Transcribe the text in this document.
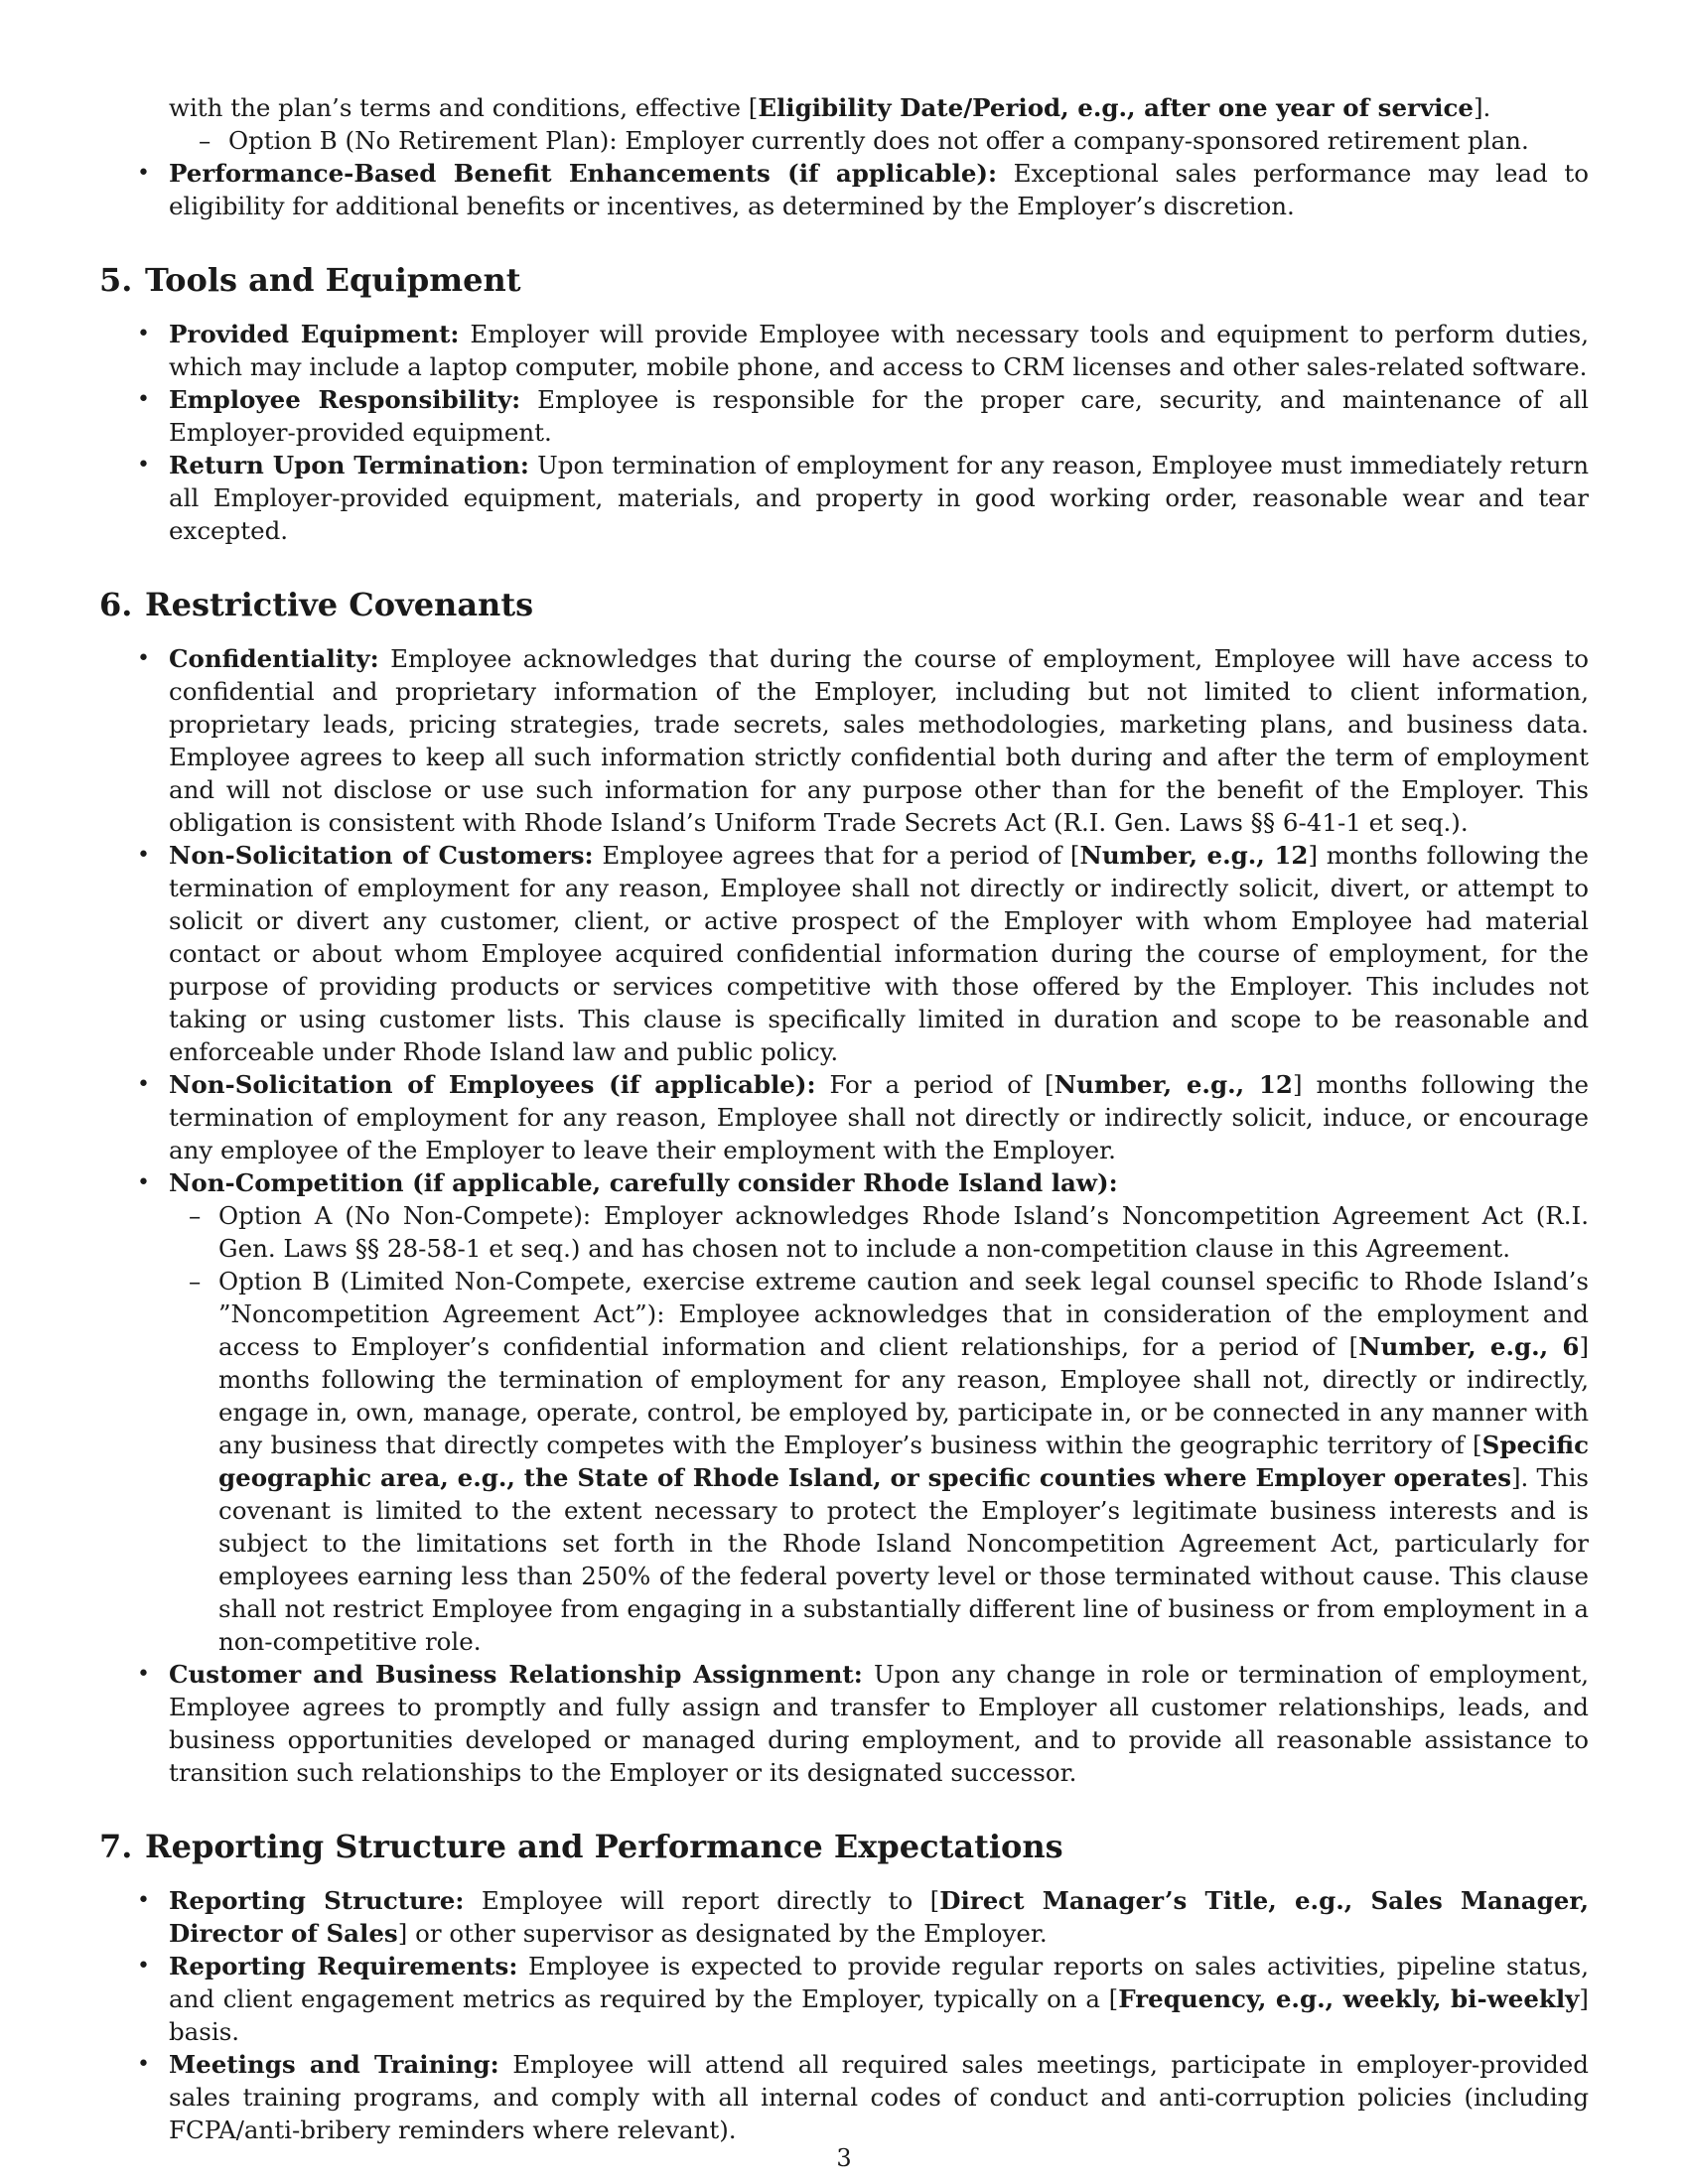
with the plan’s terms and conditions, effective [Eligibility Date/Period, e.g., after one year of service].

– Option B (No Retirement Plan): Employer currently does not offer a company-sponsored retirement plan.
• Performance-Based Benefit Enhancements (if applicable): Exceptional sales performance may lead to eligibility for additional benefits or incentives, as determined by the Employer’s discretion.
5. Tools and Equipment
• Provided Equipment: Employer will provide Employee with necessary tools and equipment to perform duties, which may include a laptop computer, mobile phone, and access to CRM licenses and other sales-related software.
• Employee Responsibility: Employee is responsible for the proper care, security, and maintenance of all Employer-provided equipment.
• Return Upon Termination: Upon termination of employment for any reason, Employee must immediately return all Employer-provided equipment, materials, and property in good working order, reasonable wear and tear excepted.
6. Restrictive Covenants
• Confidentiality: Employee acknowledges that during the course of employment, Employee will have access to confidential and proprietary information of the Employer, including but not limited to client information, proprietary leads, pricing strategies, trade secrets, sales methodologies, marketing plans, and business data. Employee agrees to keep all such information strictly confidential both during and after the term of employment and will not disclose or use such information for any purpose other than for the benefit of the Employer. This obligation is consistent with Rhode Island’s Uniform Trade Secrets Act (R.I. Gen. Laws §§ 6-41-1 et seq.).
• Non-Solicitation of Customers: Employee agrees that for a period of [Number, e.g., 12] months following the termination of employment for any reason, Employee shall not directly or indirectly solicit, divert, or attempt to solicit or divert any customer, client, or active prospect of the Employer with whom Employee had material contact or about whom Employee acquired confidential information during the course of employment, for the purpose of providing products or services competitive with those offered by the Employer. This includes not taking or using customer lists. This clause is specifically limited in duration and scope to be reasonable and enforceable under Rhode Island law and public policy.
• Non-Solicitation of Employees (if applicable): For a period of [Number, e.g., 12] months following the termination of employment for any reason, Employee shall not directly or indirectly solicit, induce, or encourage any employee of the Employer to leave their employment with the Employer.
• Non-Competition (if applicable, carefully consider Rhode Island law):
– Option A (No Non-Compete): Employer acknowledges Rhode Island’s Noncompetition Agreement Act (R.I. Gen. Laws §§ 28-58-1 et seq.) and has chosen not to include a non-competition clause in this Agreement.
– Option B (Limited Non-Compete, exercise extreme caution and seek legal counsel specific to Rhode Island’s ”Noncompetition Agreement Act”): Employee acknowledges that in consideration of the employment and access to Employer’s confidential information and client relationships, for a period of [Number, e.g., 6] months following the termination of employment for any reason, Employee shall not, directly or indirectly, engage in, own, manage, operate, control, be employed by, participate in, or be connected in any manner with any business that directly competes with the Employer’s business within the geographic territory of [Specific geographic area, e.g., the State of Rhode Island, or specific counties where Employer operates]. This covenant is limited to the extent necessary to protect the Employer’s legitimate business interests and is subject to the limitations set forth in the Rhode Island Noncompetition Agreement Act, particularly for employees earning less than 250% of the federal poverty level or those terminated without cause. This clause shall not restrict Employee from engaging in a substantially different line of business or from employment in a non-competitive role.
• Customer and Business Relationship Assignment: Upon any change in role or termination of employment, Employee agrees to promptly and fully assign and transfer to Employer all customer relationships, leads, and business opportunities developed or managed during employment, and to provide all reasonable assistance to transition such relationships to the Employer or its designated successor.
7. Reporting Structure and Performance Expectations
• Reporting Structure: Employee will report directly to [Direct Manager’s Title, e.g., Sales Manager, Director of Sales] or other supervisor as designated by the Employer.
• Reporting Requirements: Employee is expected to provide regular reports on sales activities, pipeline status, and client engagement metrics as required by the Employer, typically on a [Frequency, e.g., weekly, bi-weekly] basis.
• Meetings and Training: Employee will attend all required sales meetings, participate in employer-provided sales training programs, and comply with all internal codes of conduct and anti-corruption policies (including FCPA/anti-bribery reminders where relevant).
3
